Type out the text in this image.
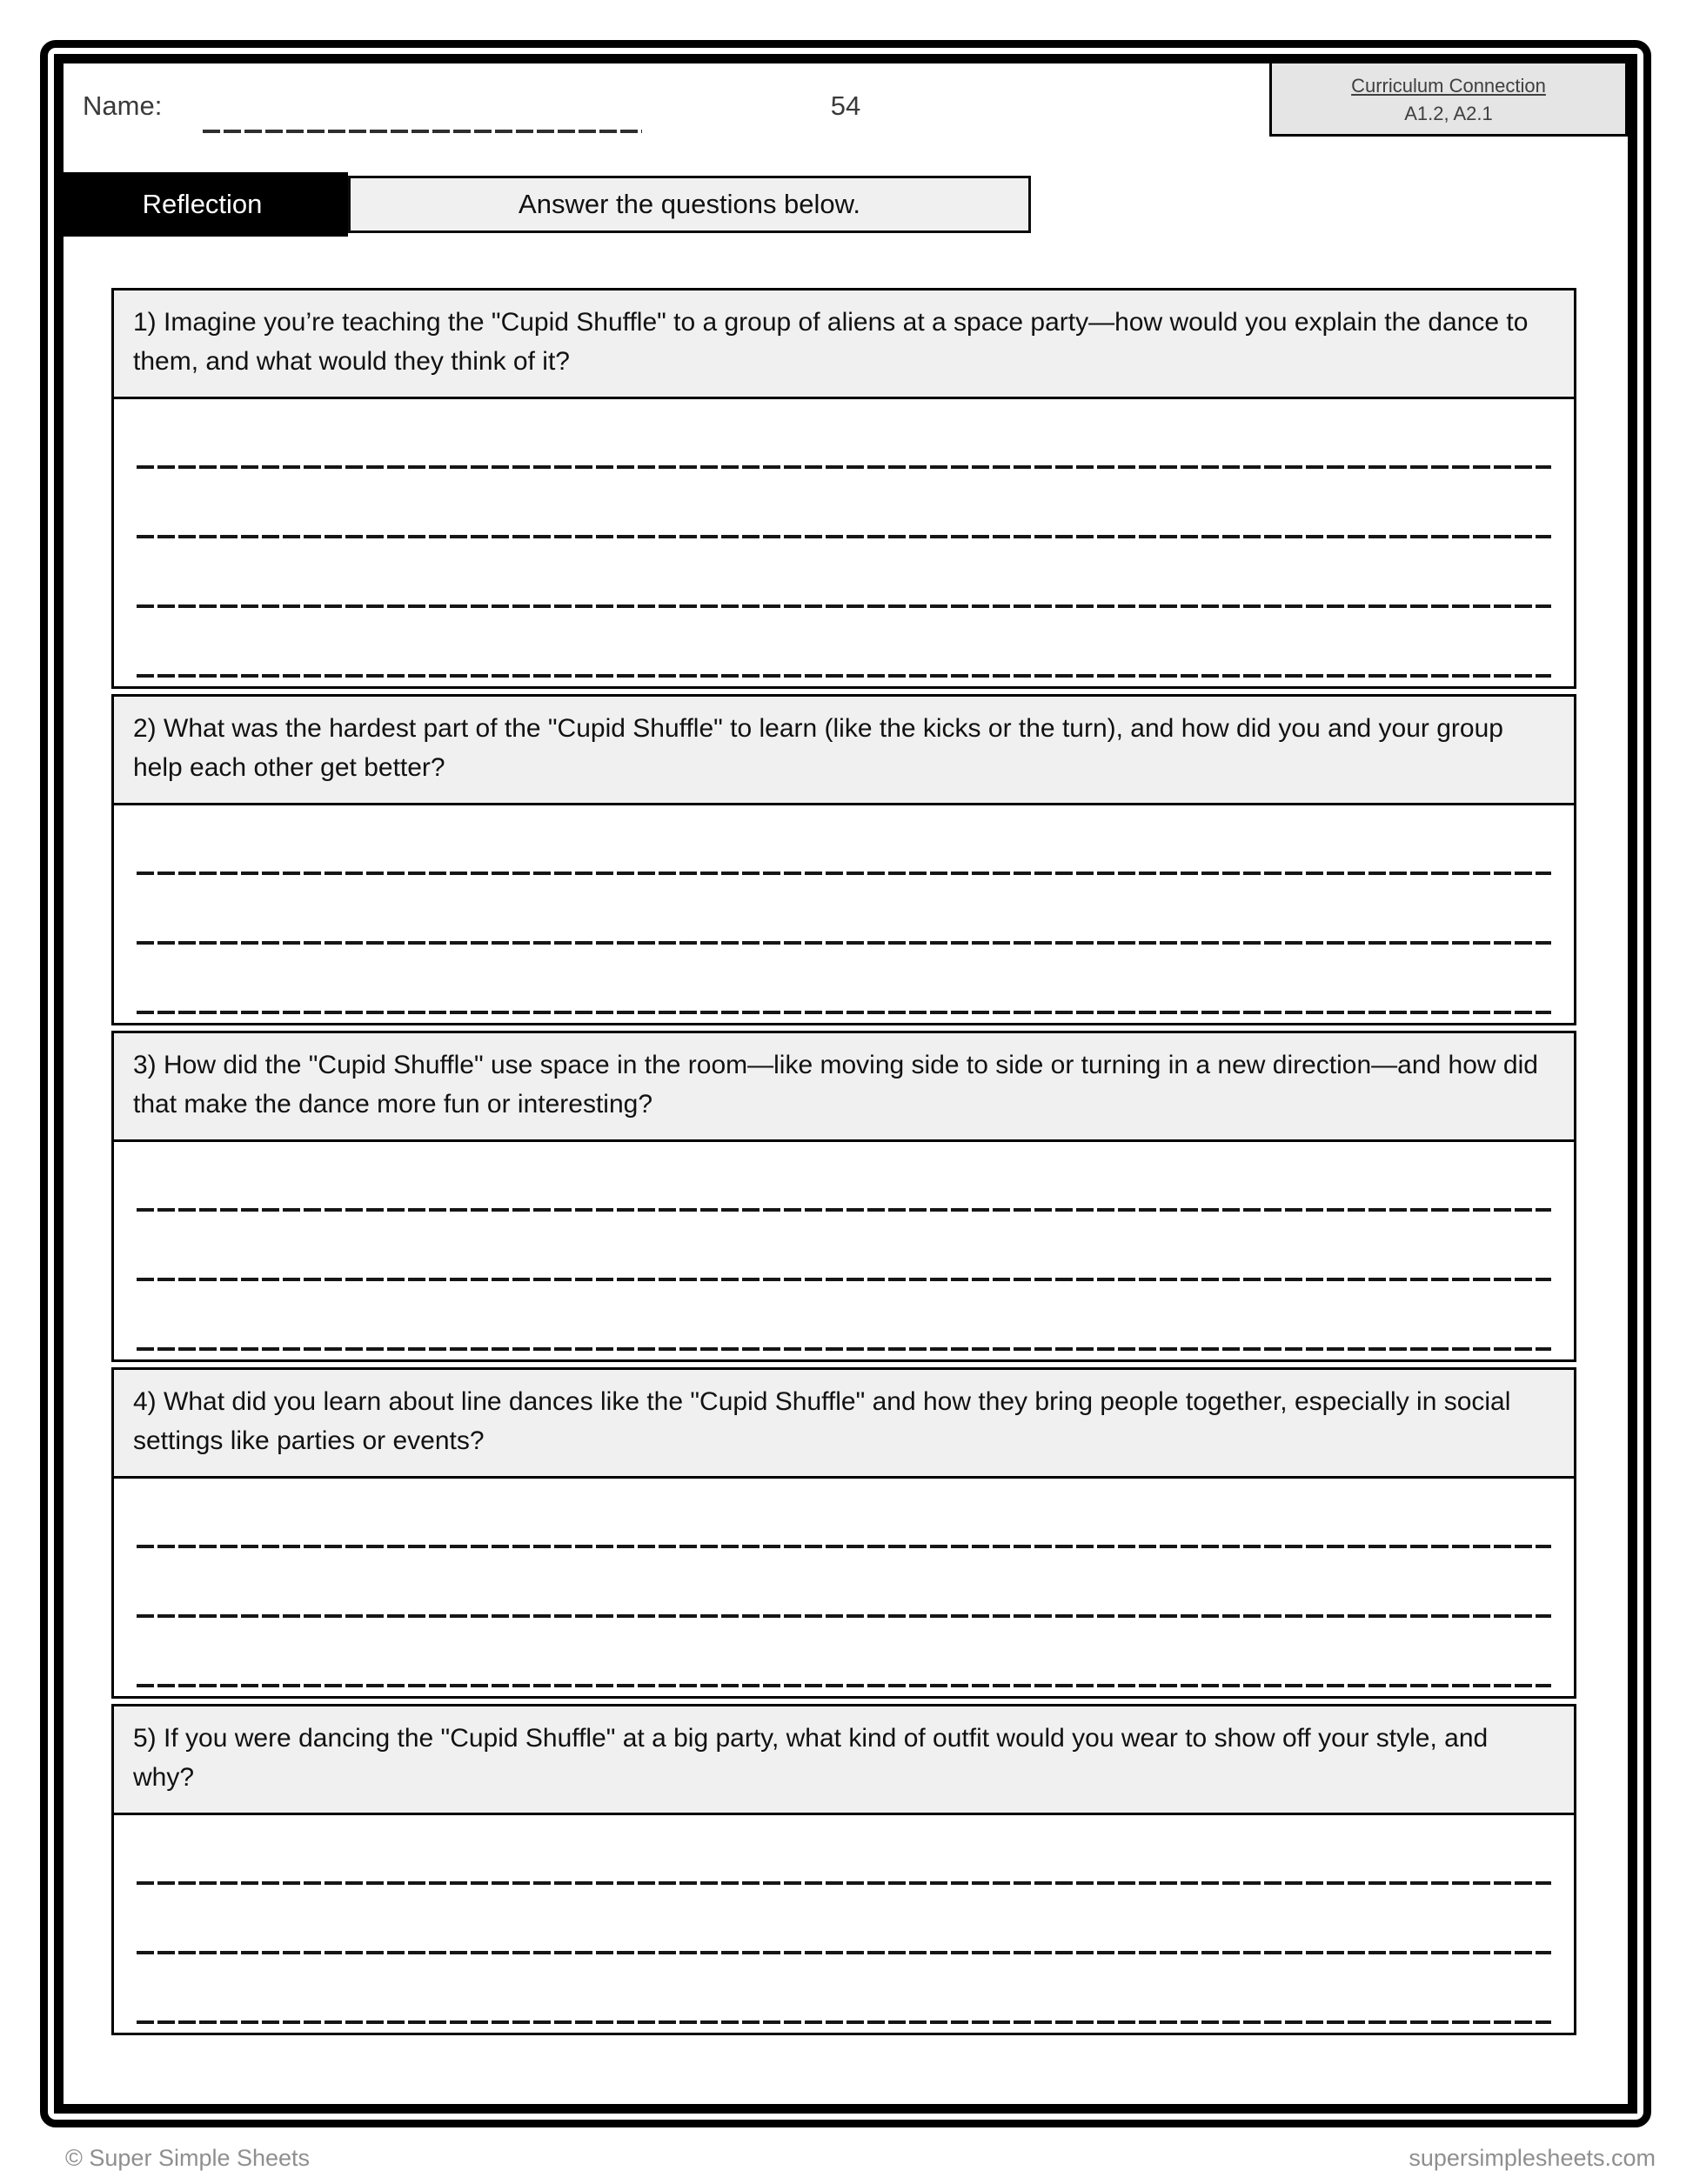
Name:	54
Curriculum Connection
A1.2, A2.1
Reflection	Answer the questions below.
1) Imagine you’re teaching the "Cupid Shuffle" to a group of aliens at a space party—how would you explain the dance to them, and what would they think of it?
2) What was the hardest part of the "Cupid Shuffle" to learn (like the kicks or the turn), and how did you and your group help each other get better?
3) How did the "Cupid Shuffle" use space in the room—like moving side to side or turning in a new direction—and how did that make the dance more fun or interesting?
4) What did you learn about line dances like the "Cupid Shuffle" and how they bring people together, especially in social settings like parties or events?
5) If you were dancing the "Cupid Shuffle" at a big party, what kind of outfit would you wear to show off your style, and why?
© Super Simple Sheets	supersimplesheets.com
